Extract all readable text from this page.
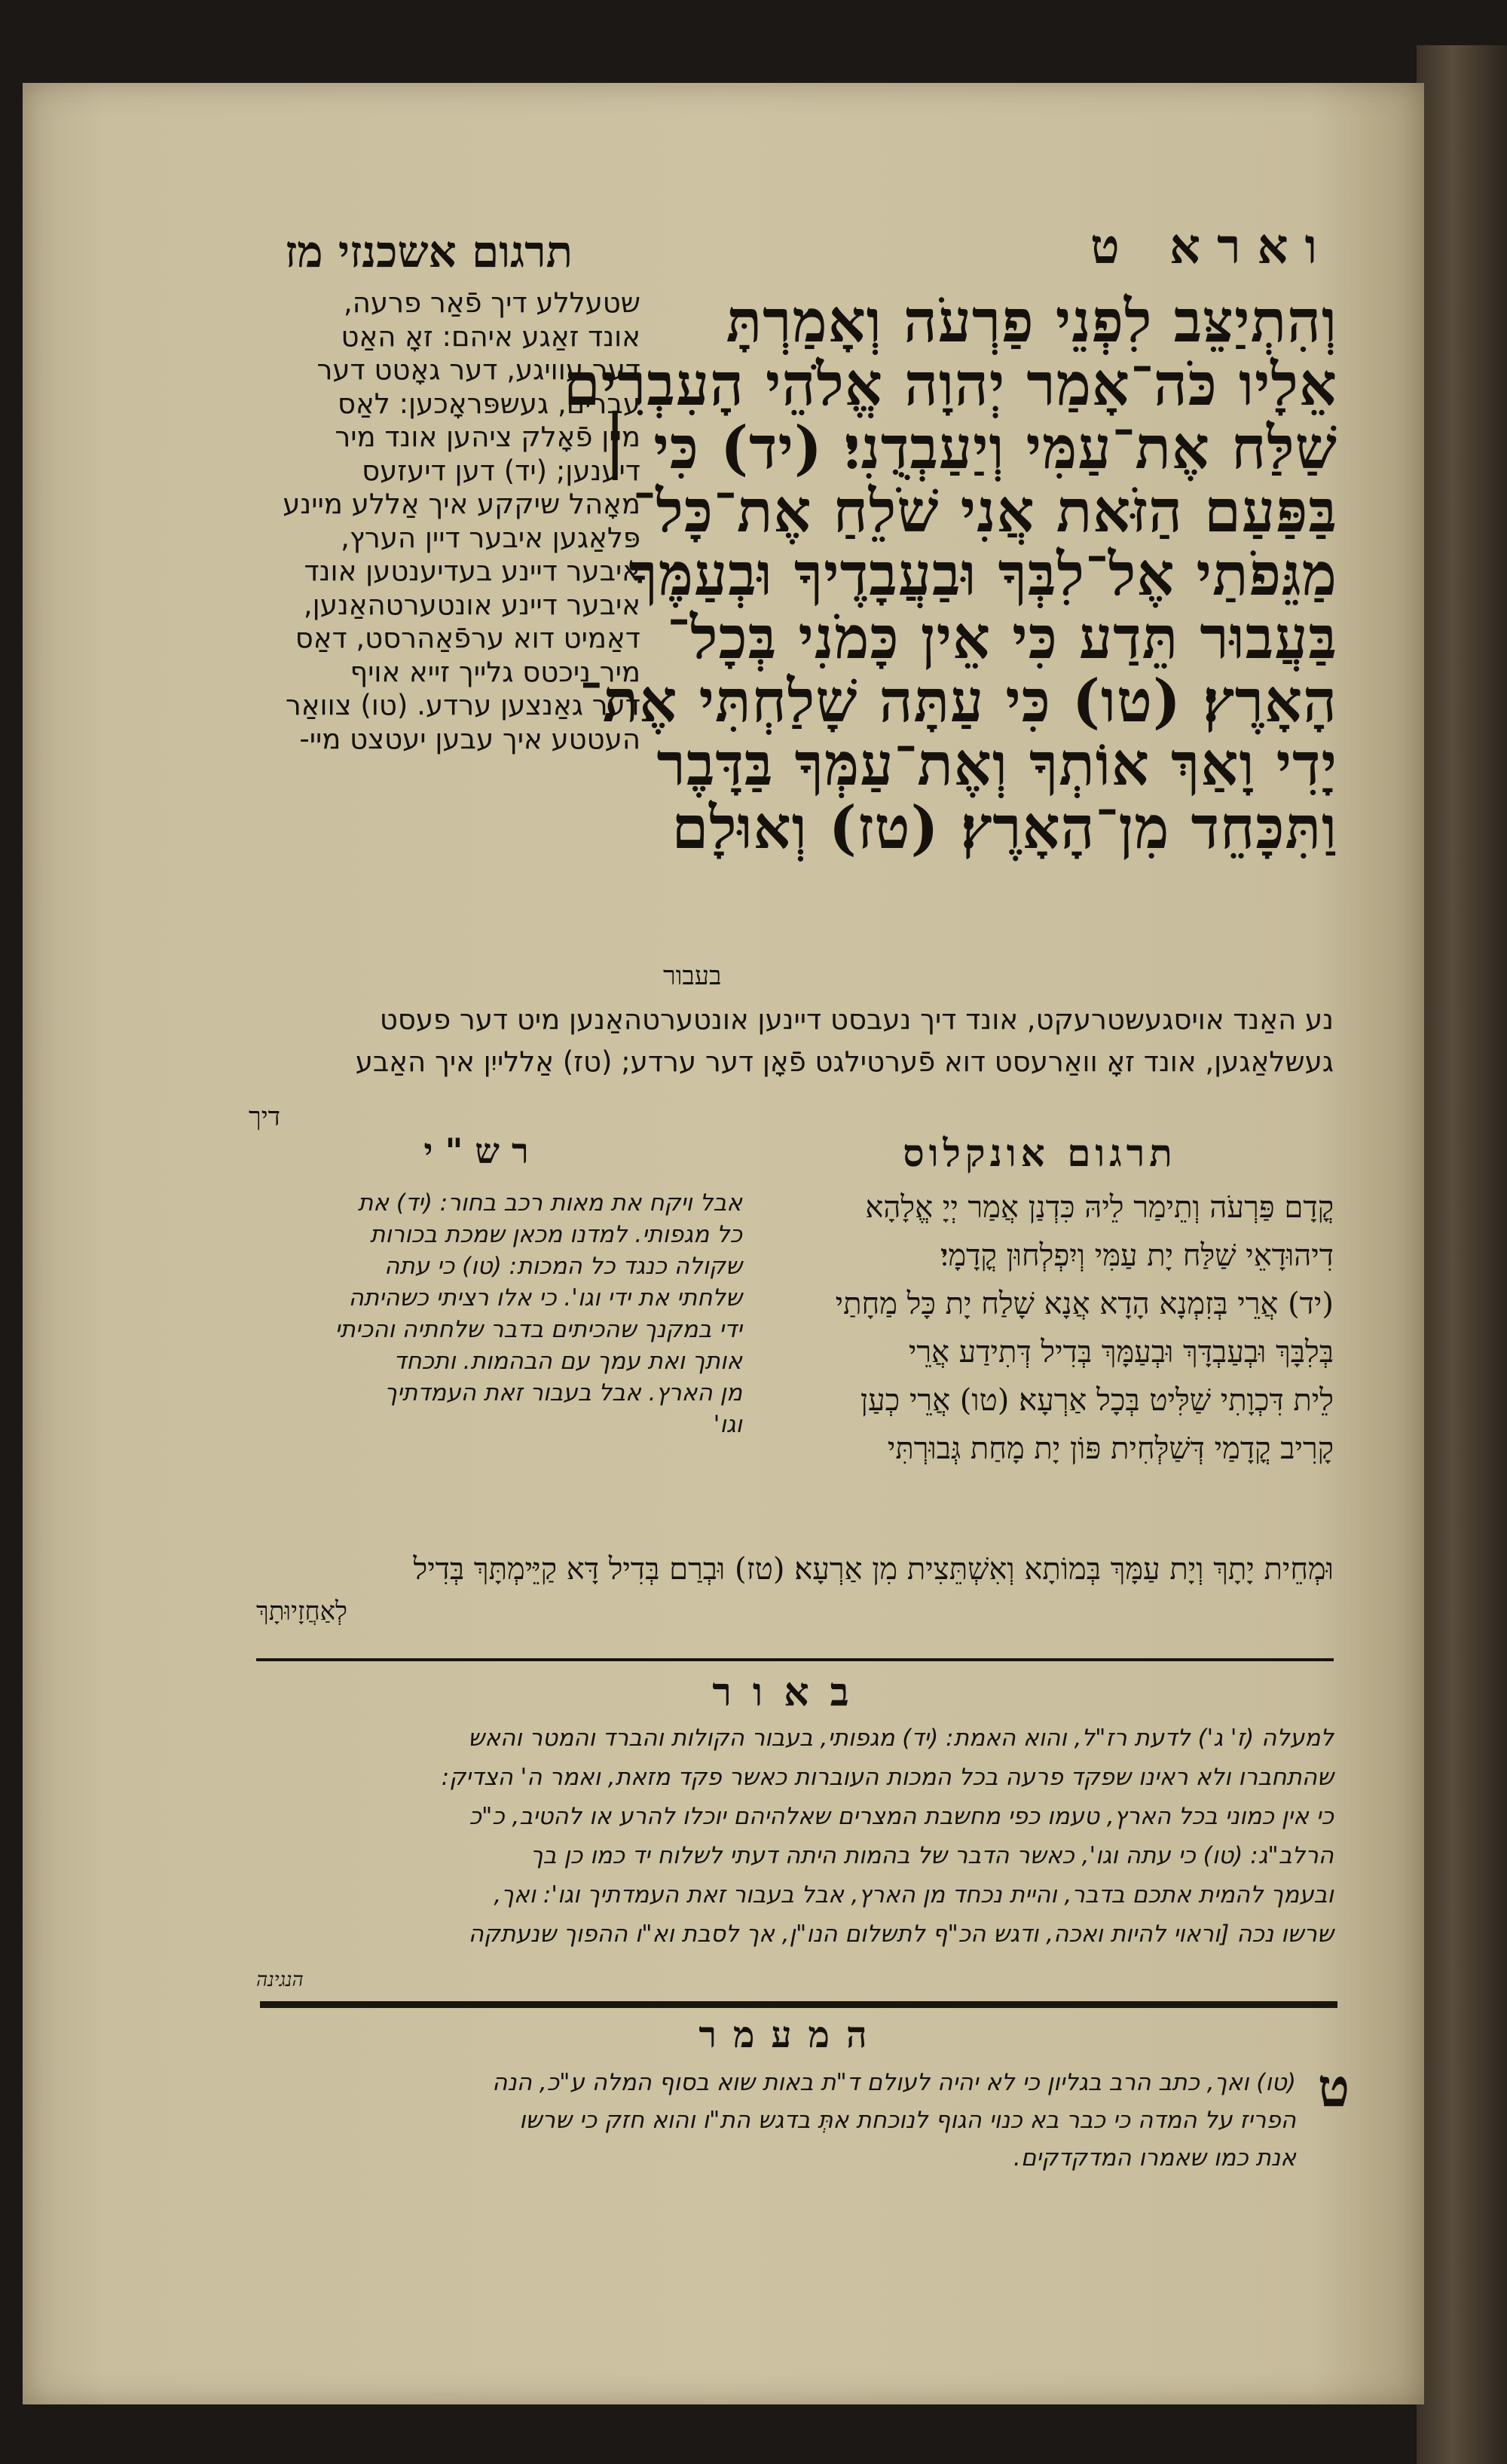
תרגום אשכנזי מז	וארא ט
וְהִתְיַצֵּב לִפְנֵי פַרְעֹה וְאָמַרְתָּ
אֵלָיו כֹּה־אָמַר יְהוָה אֱלֹהֵי הָעִבְרִים
שַׁלַּח אֶת־עַמִּי וְיַעַבְדֻנִי׃ (יד) כִּי ׀
בַּפַּעַם הַזֹּאת אֲנִי שֹׁלֵחַ אֶת־כָּל־
מַגֵּפֹתַי אֶל־לִבְּךָ וּבַעֲבָדֶיךָ וּבְעַמֶּךָ
בַּעֲבוּר תֵּדַע כִּי אֵין כָּמֹנִי בְּכָל־
הָאָרֶץ׃ (טו) כִּי עַתָּה שָׁלַחְתִּי אֶת־
יָדִי וָאַךְ אוֹתְךָ וְאֶת־עַמְּךָ בַּדָּבֶר
וַתִּכָּחֵד מִן־הָאָרֶץ׃ (טז) וְאוּלָם
בעבור
שטעללע דיך פֿאַר פרעה,
אונד זאַגע איהם: זאָ האַט
דער עוויגע, דער גאָטט דער
עברים, געשפּראָכען: לאַס
מיין פֿאָלק ציהען אונד מיר
דיענען; (יד) דען דיעזעס
מאָהל שיקקע איך אַללע מיינע
פּלאַגען איבער דיין הערץ,
איבער דיינע בעדיענטען אונד
איבער דיינע אונטערטהאַנען,
דאַמיט דוא ערפֿאַהרסט, דאַס
מיר ניכטס גלייך זייא אויף
דער גאַנצען ערדע. (טו) צוואַר
העטטע איך עבען יעטצט מיי-
נע האַנד אויסגעשטרעקט, אונד דיך נעבסט דיינען אונטערטהאַנען מיט דער פעסט
געשלאַגען, אונד זאָ וואַרעסט דוא פֿערטילגט פֿאָן דער ערדע; (טז) אַללייִן איך האַבע
דיך
תרגום אונקלוס
קֳדָם פַּרְעֹה וְתֵימַר לֵיהּ כִּדְנַן אֲמַר יְיָ אֱלָהָא
דִיהוּדָאֵי שַׁלַּח יָת עַמִּי וְיִפְלְחוּן קֳדָמָי׃
(יד) אֲרֵי בְּזִמְנָא הָדָא אֲנָא שָׁלַח יָת כָּל מַחָתַי
בְּלִבָּךְ וּבְעַבְדָּךְ וּבְעַמָּךְ בְּדִיל דְּתִידַע אֲרֵי
לֵית דִּכְוָתִי שַׁלִּיט בְּכָל אַרְעָא׃ (טו) אֲרֵי כְעַן
קָרִיב קֳדָמַי דְּשַׁלְּחִית פּוֹן יָת מָחַת גְּבוּרְתִּי
וּמְחֵית יָתָךְ וְיָת עַמָּךְ בְּמוֹתָא וְאִשְׁתֵּצִית מִן אַרְעָא׃ (טז) וּבְרַם בְּדִיל דָּא קַיֵּימְתָּךְ בְּדִיל
לְאַחֲזָיוּתָךְ
רש"י
אבל ויקח את מאות רכב בחור: (יד) את
כל מגפותי. למדנו מכאן שמכת בכורות
שקולה כנגד כל המכות: (טו) כי עתה
שלחתי את ידי וגו'. כי אלו רציתי כשהיתה
ידי במקנך שהכיתים בדבר שלחתיה והכיתי
אותך ואת עמך עם הבהמות. ותכחד
מן הארץ. אבל בעבור זאת העמדתיך
וגו'
באור
למעלה (ז' ג') לדעת רז"ל, והוא האמת: (יד) מגפותי, בעבור הקולות והברד והמטר והאש
שהתחברו ולא ראינו שפקד פרעה בכל המכות העוברות כאשר פקד מזאת, ואמר ה' הצדיק:
כי אין כמוני בכל הארץ, טעמו כפי מחשבת המצרים שאלהיהם יוכלו להרע או להטיב, כ"כ
הרלב"ג: (טו) כי עתה וגו', כאשר הדבר של בהמות היתה דעתי לשלוח יד כמו כן בך
ובעמך להמית אתכם בדבר, והיית נכחד מן הארץ, אבל בעבור זאת העמדתיך וגו': ואך,
שרשו נכה [וראוי להיות ואכה, ודגש הכ"ף לתשלום הנו"ן, אך לסבת וא"ו ההפוך שנעתקה
הנגינה
המעמר
ט
(טו) ואך, כתב הרב בגליון כי לא יהיה לעולם ד"ת באות שוא בסוף המלה ע"כ, הנה
הפריז על המדה כי כבר בא כנוי הגוף לנוכחת אתְּ בדגש הת"ו והוא חזק כי שרשו
אנת כמו שאמרו המדקדקים.
